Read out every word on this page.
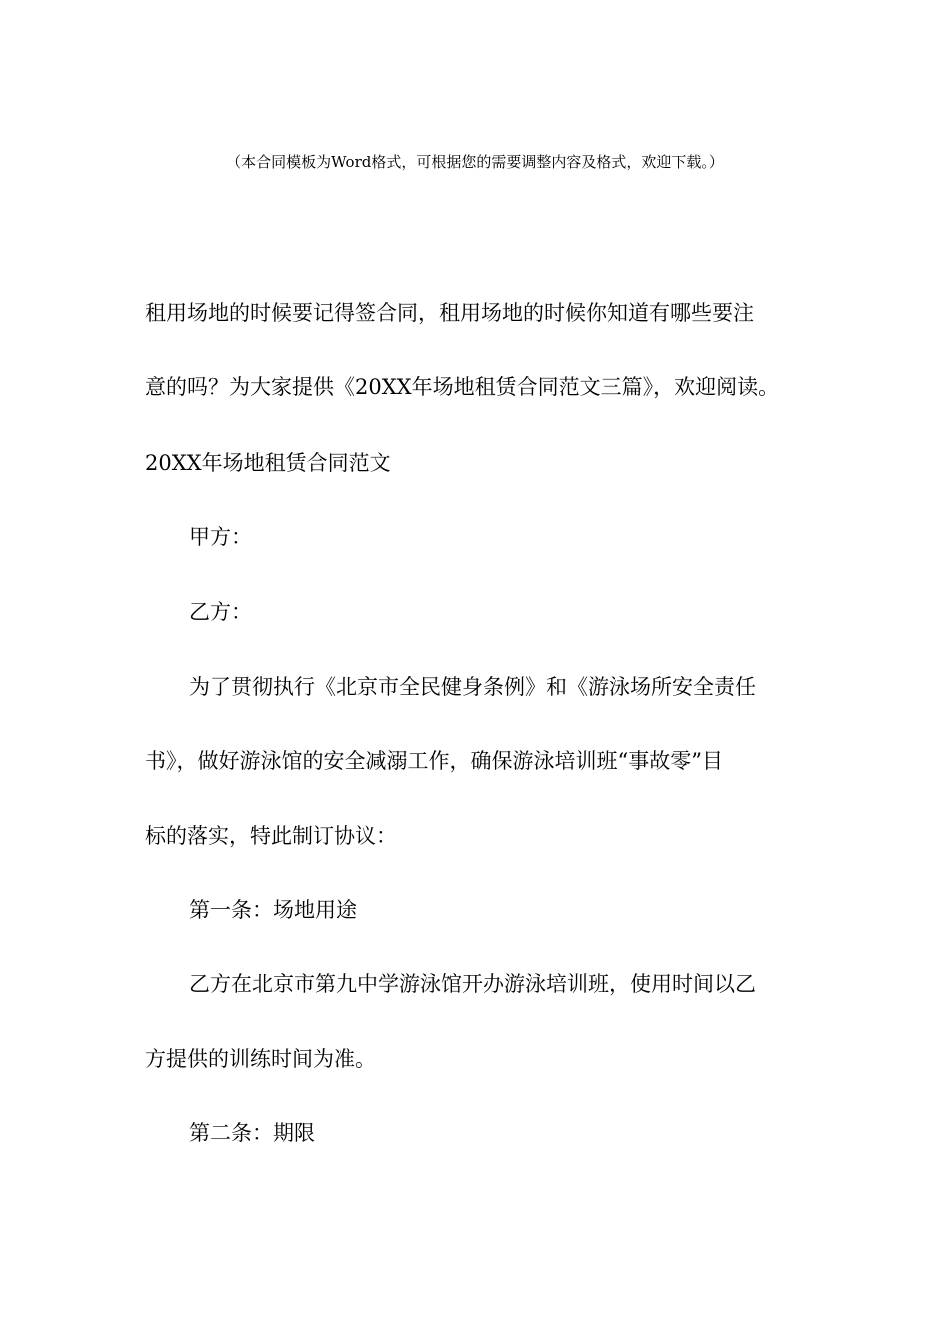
（本合同模板为Word格式，可根据您的需要调整内容及格式，欢迎下载。）
租用场地的时候要记得签合同，租用场地的时候你知道有哪些要注
意的吗？为大家提供《20XX年场地租赁合同范文三篇》，欢迎阅读。
20XX年场地租赁合同范文
甲方：
乙方：
为了贯彻执行《北京市全民健身条例》和《游泳场所安全责任
书》，做好游泳馆的安全减溺工作，确保游泳培训班“事故零”目
标的落实，特此制订协议：
第一条：场地用途
乙方在北京市第九中学游泳馆开办游泳培训班，使用时间以乙
方提供的训练时间为准。
第二条：期限
